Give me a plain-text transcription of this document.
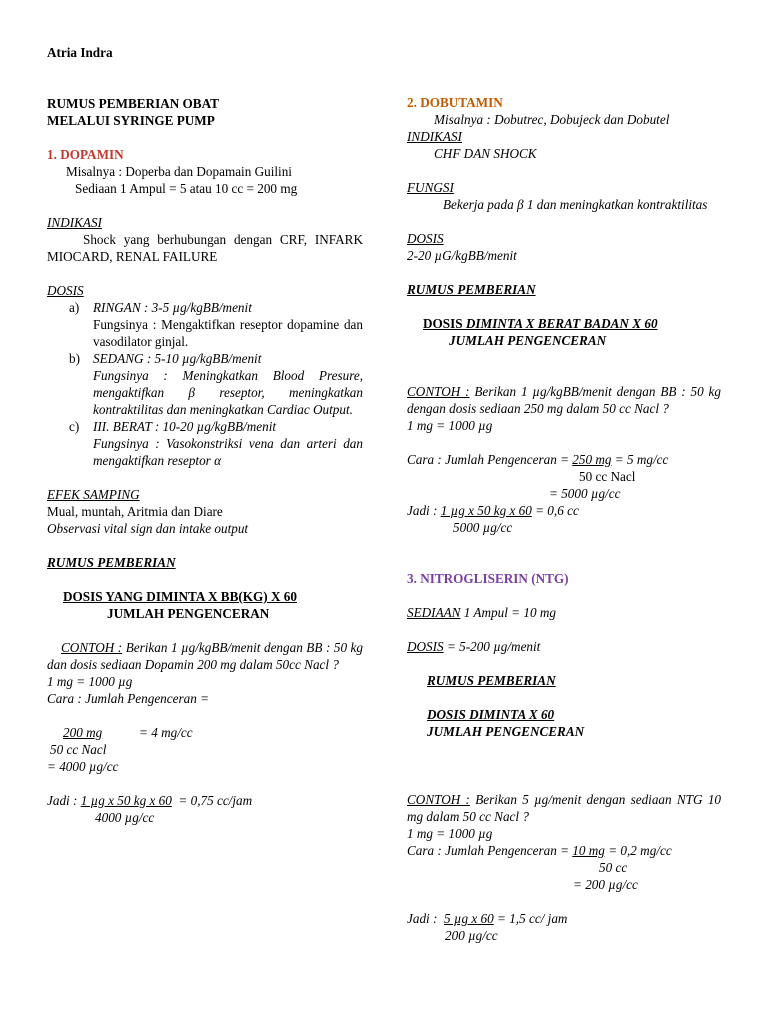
Atria Indra
RUMUS PEMBERIAN OBAT
MELALUI SYRINGE PUMP
1. DOPAMIN
Misalnya : Doperba dan Dopamain Guilini
Sediaan 1 Ampul = 5 atau 10 cc = 200 mg
INDIKASI
Shock yang berhubungan dengan CRF, INFARK MIOCARD, RENAL FAILURE
DOSIS
a)	RINGAN : 3-5 µg/kgBB/menit
Fungsinya : Mengaktifkan reseptor dopamine dan vasodilator ginjal.
b) SEDANG : 5-10 µg/kgBB/menit
Fungsinya : Meningkatkan Blood Presure, mengaktifkan β reseptor, meningkatkan kontraktilitas dan meningkatkan Cardiac Output.
c)	III. BERAT : 10-20 µg/kgBB/menit
Fungsinya : Vasokonstriksi vena dan arteri dan mengaktifkan reseptor α
EFEK SAMPING
Mual, muntah, Aritmia dan Diare
Observasi vital sign dan intake output
RUMUS PEMBERIAN
DOSIS YANG DIMINTA X BB(KG) X 60
JUMLAH PENGENCERAN
CONTOH : Berikan 1 µg/kgBB/menit dengan BB : 50 kg dan dosis sediaan Dopamin 200 mg dalam 50cc Nacl ?
1 mg = 1000 µg
Cara : Jumlah Pengenceran =
200 mg	= 4 mg/cc
50 cc Nacl
= 4000 µg/cc
Jadi : 1 µg x 50 kg x 60 = 0,75 cc/jam
4000 µg/cc
2. DOBUTAMIN
Misalnya : Dobutrec, Dobujeck dan Dobutel
INDIKASI
CHF DAN SHOCK
FUNGSI
Bekerja pada β 1 dan meningkatkan kontraktilitas
DOSIS
2-20 µG/kgBB/menit
RUMUS PEMBERIAN
DOSIS DIMINTA X BERAT BADAN X 60
JUMLAH PENGENCERAN
CONTOH : Berikan 1 µg/kgBB/menit dengan BB : 50 kg dengan dosis sediaan 250 mg dalam 50 cc Nacl ?
1 mg = 1000 µg
Cara : Jumlah Pengenceran = 250 mg = 5 mg/cc
50 cc Nacl
= 5000 µg/cc
Jadi : 1 µg x 50 kg x 60 = 0,6 cc
5000 µg/cc
3. NITROGLISERIN (NTG)
SEDIAAN 1 Ampul = 10 mg
DOSIS = 5-200 µg/menit
RUMUS PEMBERIAN
DOSIS DIMINTA X 60
JUMLAH PENGENCERAN
CONTOH : Berikan 5 µg/menit dengan sediaan NTG 10 mg dalam 50 cc Nacl ?
1 mg = 1000 µg
Cara : Jumlah Pengenceran = 10 mg = 0,2 mg/cc
50 cc
= 200 µg/cc
Jadi : 5 µg x 60 = 1,5 cc/ jam
200 µg/cc
